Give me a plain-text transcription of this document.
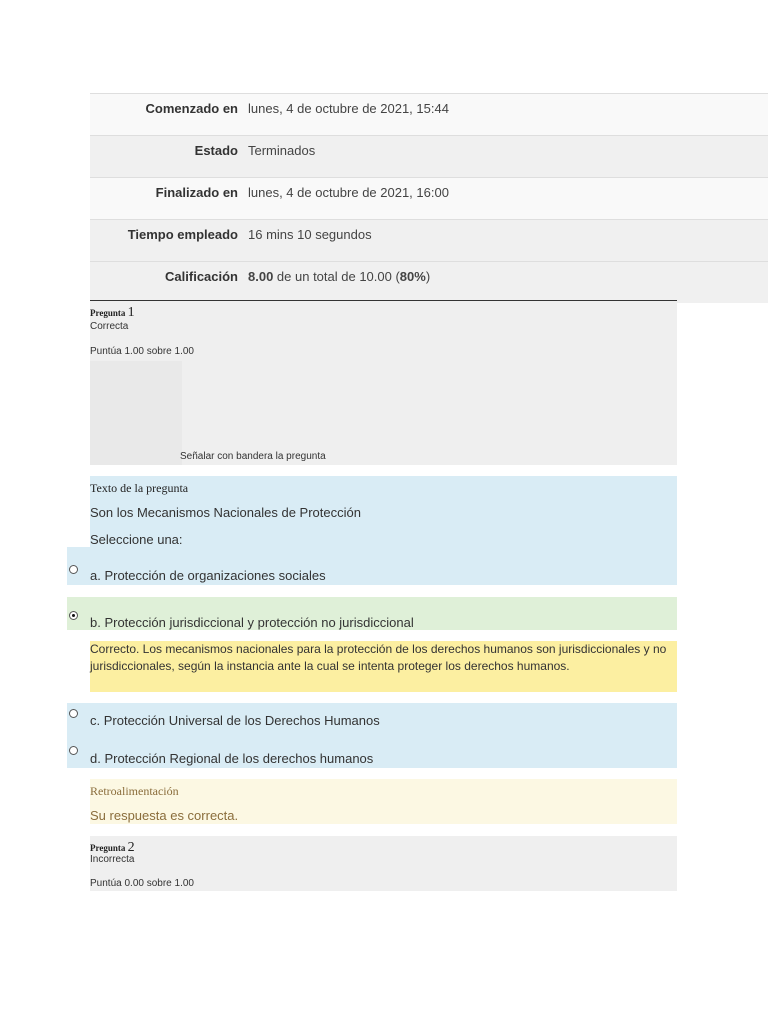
Comenzado en lunes, 4 de octubre de 2021, 15:44
Estado Terminados
Finalizado en lunes, 4 de octubre de 2021, 16:00
Tiempo empleado 16 mins 10 segundos
Calificación 8.00 de un total de 10.00 (80%)
Pregunta 1
Correcta
Puntúa 1.00 sobre 1.00
Señalar con bandera la pregunta
Texto de la pregunta
Son los Mecanismos Nacionales de Protección
Seleccione una:
a. Protección de organizaciones sociales
b. Protección jurisdiccional y protección no jurisdiccional
Correcto. Los mecanismos nacionales para la protección de los derechos humanos son jurisdiccionales y no jurisdiccionales, según la instancia ante la cual se intenta proteger los derechos humanos.
c. Protección Universal de los Derechos Humanos
d. Protección Regional de los derechos humanos
Retroalimentación
Su respuesta es correcta.
Pregunta 2
Incorrecta
Puntúa 0.00 sobre 1.00
